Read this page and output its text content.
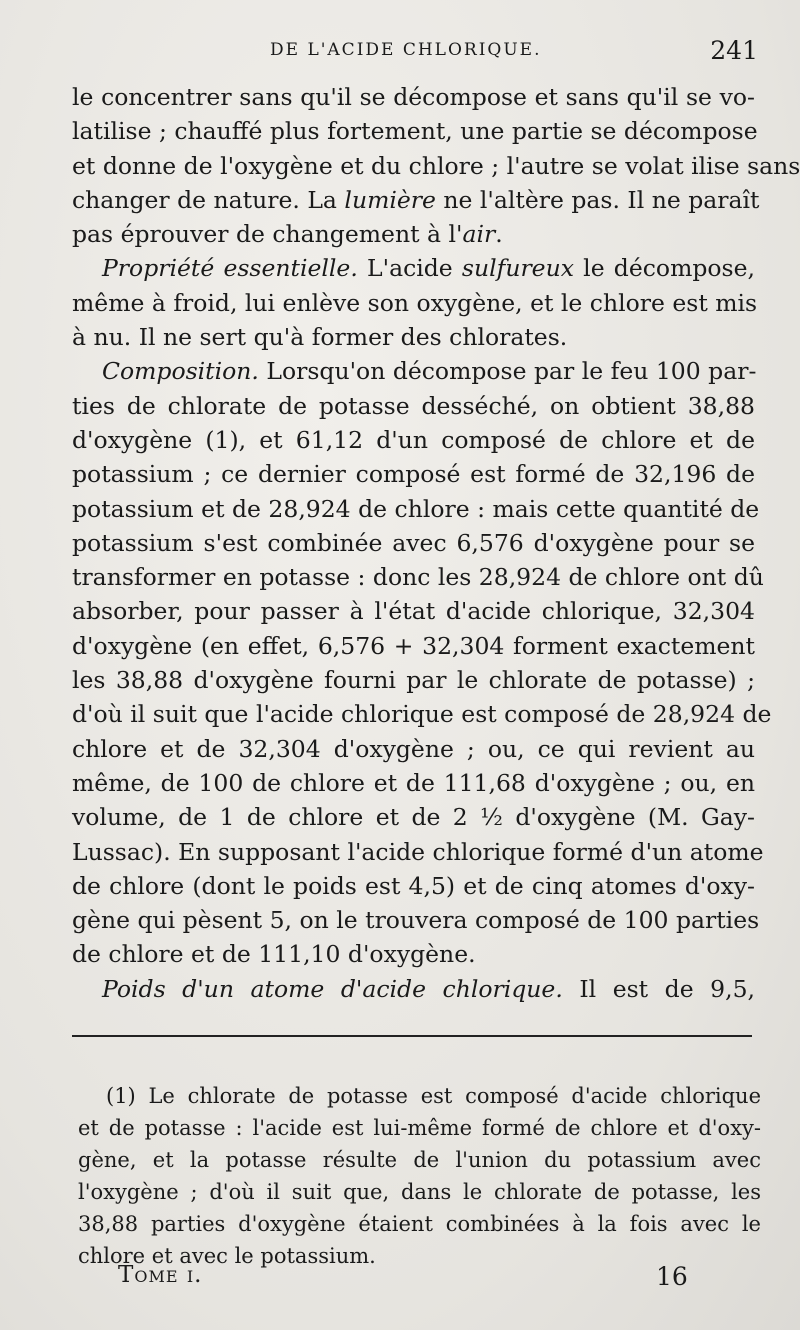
DE L'ACIDE CHLORIQUE.	241
le concentrer sans qu'il se décompose et sans qu'il se vo-
latilise ; chauffé plus fortement, une partie se décompose
et donne de l'oxygène et du chlore ; l'autre se volat ilise sans
changer de nature. La lumière ne l'altère pas. Il ne paraît
pas éprouver de changement à l'air.
Propriété essentielle. L'acide sulfureux le décompose,
même à froid, lui enlève son oxygène, et le chlore est mis
à nu. Il ne sert qu'à former des chlorates.
Composition. Lorsqu'on décompose par le feu 100 par-
ties de chlorate de potasse desséché, on obtient 38,88
d'oxygène (1), et 61,12 d'un composé de chlore et de
potassium ; ce dernier composé est formé de 32,196 de
potassium et de 28,924 de chlore : mais cette quantité de
potassium s'est combinée avec 6,576 d'oxygène pour se
transformer en potasse : donc les 28,924 de chlore ont dû
absorber, pour passer à l'état d'acide chlorique, 32,304
d'oxygène (en effet, 6,576 + 32,304 forment exactement
les 38,88 d'oxygène fourni par le chlorate de potasse) ;
d'où il suit que l'acide chlorique est composé de 28,924 de
chlore et de 32,304 d'oxygène ; ou, ce qui revient au
même, de 100 de chlore et de 111,68 d'oxygène ; ou, en
volume, de 1 de chlore et de 2 ½ d'oxygène (M. Gay-
Lussac). En supposant l'acide chlorique formé d'un atome
de chlore (dont le poids est 4,5) et de cinq atomes d'oxy-
gène qui pèsent 5, on le trouvera composé de 100 parties
de chlore et de 111,10 d'oxygène.
Poids d'un atome d'acide chlorique. Il est de 9,5,
(1) Le chlorate de potasse est composé d'acide chlorique
et de potasse : l'acide est lui-même formé de chlore et d'oxy-
gène, et la potasse résulte de l'union du potassium avec
l'oxygène ; d'où il suit que, dans le chlorate de potasse, les
38,88 parties d'oxygène étaient combinées à la fois avec le
chlore et avec le potassium.
Tome i.	16
